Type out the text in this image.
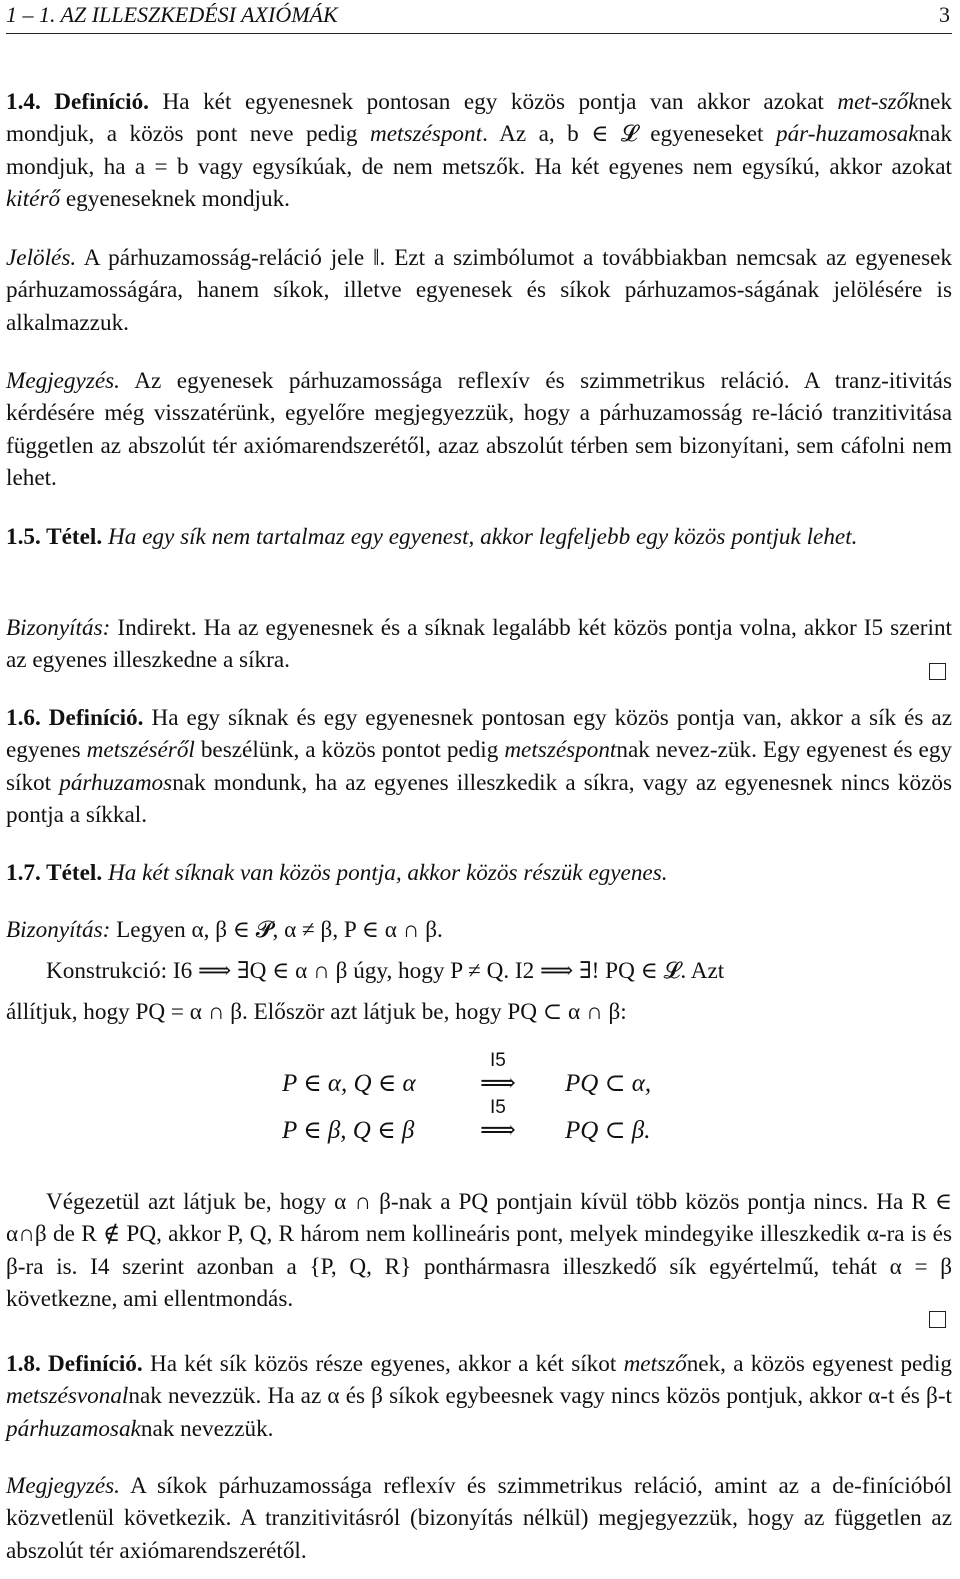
1 – 1. AZ ILLESZKEDÉSI AXIÓMÁK	3
1.4. Definíció. Ha két egyenesnek pontosan egy közös pontja van akkor azokat met-szőknek mondjuk, a közös pont neve pedig metszéspont. Az a, b ∈ 𝓛 egyeneseket pár-huzamosaknak mondjuk, ha a = b vagy egysíkúak, de nem metszők. Ha két egyenes nem egysíkú, akkor azokat kitérő egyeneseknek mondjuk.
Jelölés. A párhuzamosság-reláció jele ‖. Ezt a szimbólumot a továbbiakban nemcsak az egyenesek párhuzamosságára, hanem síkok, illetve egyenesek és síkok párhuzamos-ságának jelölésére is alkalmazzuk.
Megjegyzés. Az egyenesek párhuzamossága reflexív és szimmetrikus reláció. A tranz-itivitás kérdésére még visszatérünk, egyelőre megjegyezzük, hogy a párhuzamosság re-láció tranzitivitása független az abszolút tér axiómarendszerétől, azaz abszolút térben sem bizonyítani, sem cáfolni nem lehet.
1.5. Tétel. Ha egy sík nem tartalmaz egy egyenest, akkor legfeljebb egy közös pontjuk lehet.
Bizonyítás: Indirekt. Ha az egyenesnek és a síknak legalább két közös pontja volna, akkor I5 szerint az egyenes illeszkedne a síkra.
1.6. Definíció. Ha egy síknak és egy egyenesnek pontosan egy közös pontja van, akkor a sík és az egyenes metszéséről beszélünk, a közös pontot pedig metszéspontnak nevez-zük. Egy egyenest és egy síkot párhuzamosnak mondunk, ha az egyenes illeszkedik a síkra, vagy az egyenesnek nincs közös pontja a síkkal.
1.7. Tétel. Ha két síknak van közös pontja, akkor közös részük egyenes.
Bizonyítás: Legyen α, β ∈ 𝓟, α ≠ β, P ∈ α ∩ β.
Konstrukció: I6 ⟹ ∃Q ∈ α ∩ β úgy, hogy P ≠ Q. I2 ⟹ ∃! PQ ∈ 𝓛. Azt
állítjuk, hogy PQ = α ∩ β. Először azt látjuk be, hogy PQ ⊂ α ∩ β:
P ∈ α, Q ∈ α
I5
⟹ PQ ⊂ α,
P ∈ β, Q ∈ β
I5
⟹ PQ ⊂ β.
Végezetül azt látjuk be, hogy α ∩ β-nak a PQ pontjain kívül több közös pontja nincs. Ha R ∈ α∩β de R ∉ PQ, akkor P, Q, R három nem kollineáris pont, melyek mindegyike illeszkedik α-ra is és β-ra is. I4 szerint azonban a {P, Q, R} ponthármasra illeszkedő sík egyértelmű, tehát α = β következne, ami ellentmondás.
1.8. Definíció. Ha két sík közös része egyenes, akkor a két síkot metszőnek, a közös egyenest pedig metszésvonalnak nevezzük. Ha az α és β síkok egybeesnek vagy nincs közös pontjuk, akkor α-t és β-t párhuzamosaknak nevezzük.
Megjegyzés. A síkok párhuzamossága reflexív és szimmetrikus reláció, amint az a de-finícióból közvetlenül következik. A tranzitivitásról (bizonyítás nélkül) megjegyezzük, hogy az független az abszolút tér axiómarendszerétől.
